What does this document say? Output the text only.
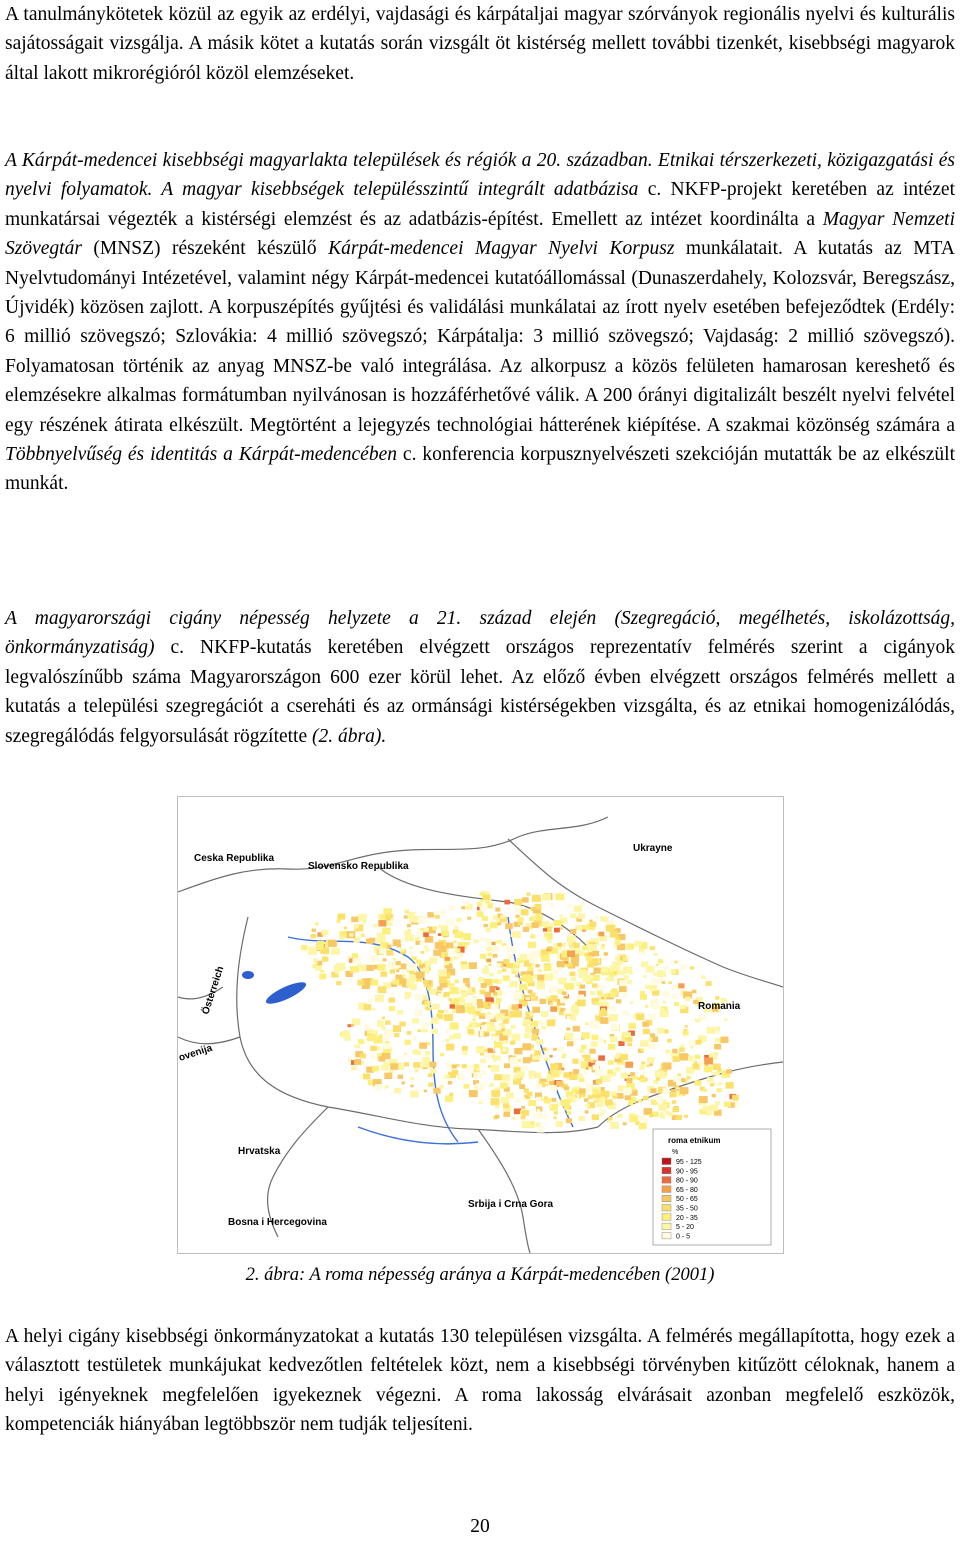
A tanulmánykötetek közül az egyik az erdélyi, vajdasági és kárpátaljai magyar szórványok regionális nyelvi és kulturális sajátosságait vizsgálja. A másik kötet a kutatás során vizsgált öt kistérség mellett további tizenkét, kisebbségi magyarok által lakott mikrorégióról közöl elemzéseket.

A Kárpát-medencei kisebbségi magyarlakta települések és régiók a 20. században. Etnikai térszerkezeti, közigazgatási és nyelvi folyamatok. A magyar kisebbségek településszintű integrált adatbázisa c. NKFP-projekt keretében az intézet munkatársai végezték a kistérségi elemzést és az adatbázis-építést. Emellett az intézet koordinálta a Magyar Nemzeti Szövegtár (MNSZ) részeként készülő Kárpát-medencei Magyar Nyelvi Korpusz munkálatait. A kutatás az MTA Nyelvtudományi Intézetével, valamint négy Kárpát-medencei kutatóállomással (Dunaszerdahely, Kolozsvár, Beregszász, Újvidék) közösen zajlott. A korpuszépítés gyűjtési és validálási munkálatai az írott nyelv esetében befejeződtek (Erdély: 6 millió szövegszó; Szlovákia: 4 millió szövegszó; Kárpátalja: 3 millió szövegszó; Vajdaság: 2 millió szövegszó). Folyamatosan történik az anyag MNSZ-be való integrálása. Az alkorpusz a közös felületen hamarosan kereshető és elemzésekre alkalmas formátumban nyilvánosan is hozzáférhetővé válik. A 200 órányi digitalizált beszélt nyelvi felvétel egy részének átirata elkészült. Megtörtént a lejegyzés technológiai hátterének kiépítése. A szakmai közönség számára a Többnyelvűség és identitás a Kárpát-medencében c. konferencia korpusznyelvészeti szekcióján mutatták be az elkészült munkát.

A magyarországi cigány népesség helyzete a 21. század elején (Szegregáció, megélhetés, iskolázottság, önkormányzatiság) c. NKFP-kutatás keretében elvégzett országos reprezentatív felmérés szerint a cigányok legvalószínűbb száma Magyarországon 600 ezer körül lehet. Az előző évben elvégzett országos felmérés mellett a kutatás a települési szegregációt a csereháti és az ormánsági kistérségekben vizsgálta, és az etnikai homogenizálódás, szegregálódás felgyorsulását rögzítette (2. ábra).

Ceska Republika
Slovensko Republika
Ukrayne
Österreich	Romania
ovenija
Hrvatska
Bosna i Hercegovina
Srbija i Crna Gora
roma etnikum
%
95 - 125
90 - 95
80 - 90
65 - 80
50 - 65
35 - 50
20 - 35
5 - 20
0 - 5
2. ábra: A roma népesség aránya a Kárpát-medencében (2001)

A helyi cigány kisebbségi önkormányzatokat a kutatás 130 településen vizsgálta. A felmérés megállapította, hogy ezek a választott testületek munkájukat kedvezőtlen feltételek közt, nem a kisebbségi törvényben kitűzött céloknak, hanem a helyi igényeknek megfelelően igyekeznek végezni. A roma lakosság elvárásait azonban megfelelő eszközök, kompetenciák hiányában legtöbbször nem tudják teljesíteni.

20
